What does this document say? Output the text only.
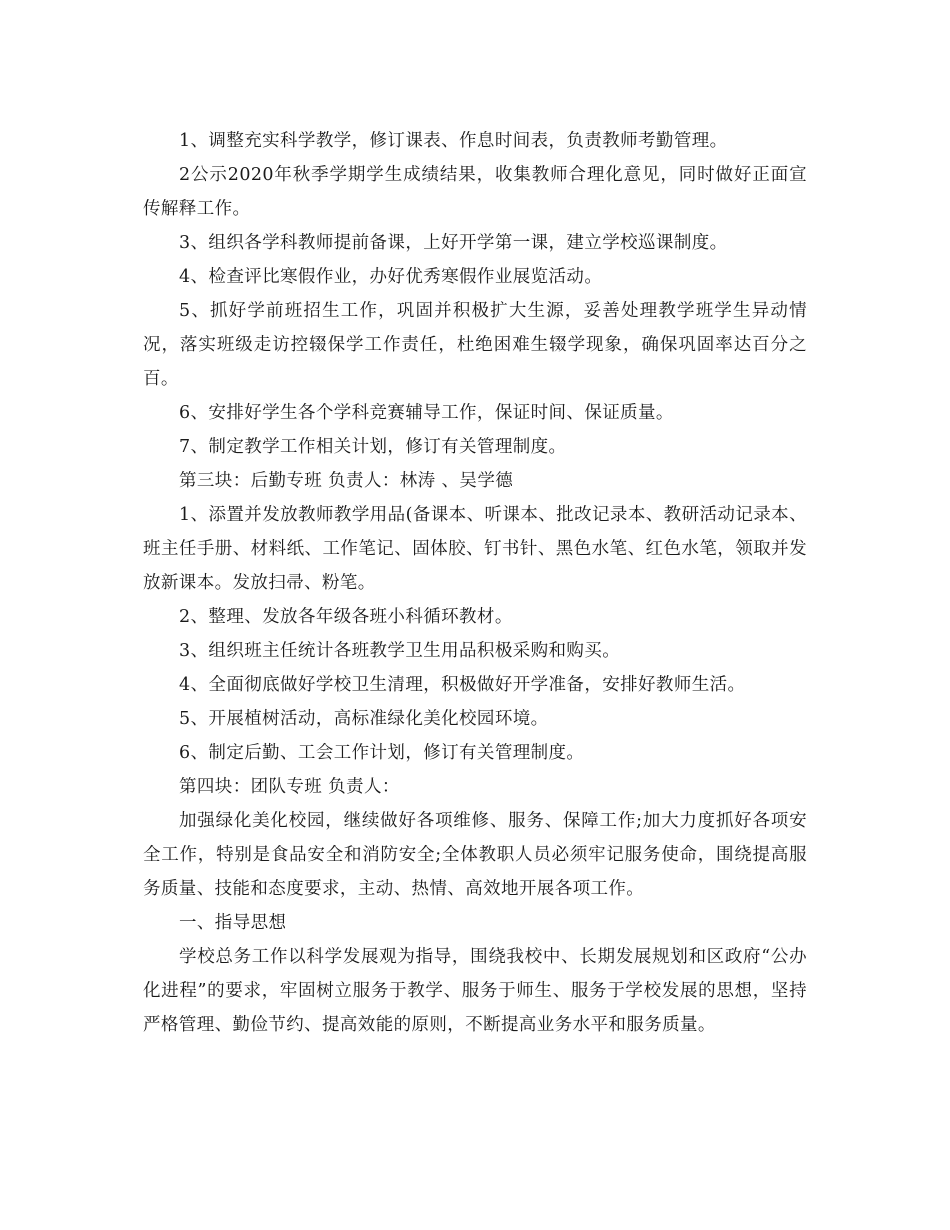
1、调整充实科学教学，修订课表、作息时间表，负责教师考勤管理。

2公示2020年秋季学期学生成绩结果，收集教师合理化意见，同时做好正面宣传解释工作。

3、组织各学科教师提前备课，上好开学第一课，建立学校巡课制度。

4、检查评比寒假作业，办好优秀寒假作业展览活动。

5、抓好学前班招生工作，巩固并积极扩大生源，妥善处理教学班学生异动情况，落实班级走访控辍保学工作责任，杜绝困难生辍学现象，确保巩固率达百分之百。

6、安排好学生各个学科竞赛辅导工作，保证时间、保证质量。

7、制定教学工作相关计划，修订有关管理制度。

第三块：后勤专班 负责人：林涛 、吴学德

1、添置并发放教师教学用品(备课本、听课本、批改记录本、教研活动记录本、班主任手册、材料纸、工作笔记、固体胶、钉书针、黑色水笔、红色水笔，领取并发放新课本。发放扫帚、粉笔。

2、整理、发放各年级各班小科循环教材。

3、组织班主任统计各班教学卫生用品积极采购和购买。

4、全面彻底做好学校卫生清理，积极做好开学准备，安排好教师生活。

5、开展植树活动，高标准绿化美化校园环境。

6、制定后勤、工会工作计划，修订有关管理制度。

第四块：团队专班 负责人：

加强绿化美化校园，继续做好各项维修、服务、保障工作;加大力度抓好各项安全工作，特别是食品安全和消防安全;全体教职人员必须牢记服务使命，围绕提高服务质量、技能和态度要求，主动、热情、高效地开展各项工作。

一、指导思想

学校总务工作以科学发展观为指导，围绕我校中、长期发展规划和区政府“公办化进程”的要求，牢固树立服务于教学、服务于师生、服务于学校发展的思想，坚持严格管理、勤俭节约、提高效能的原则，不断提高业务水平和服务质量。
